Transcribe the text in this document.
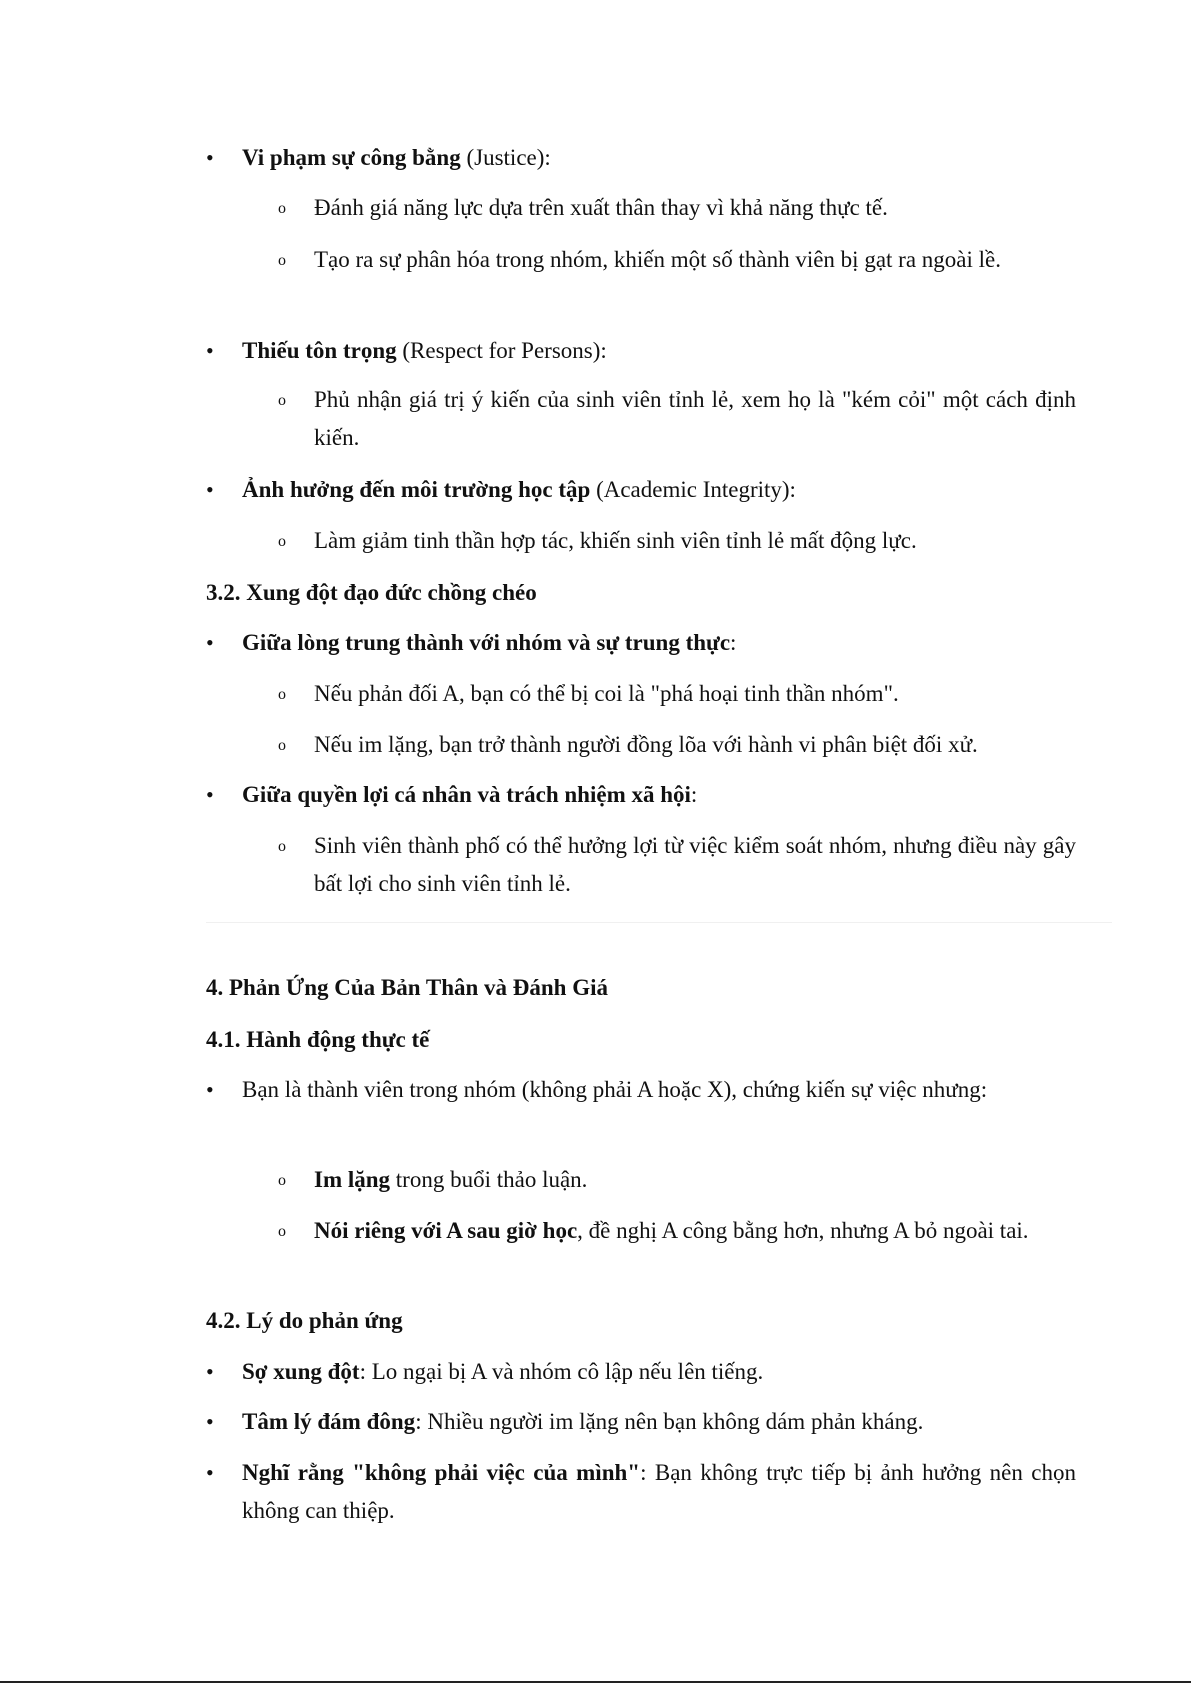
•	Vi phạm sự công bằng (Justice):
o	Đánh giá năng lực dựa trên xuất thân thay vì khả năng thực tế.
o	Tạo ra sự phân hóa trong nhóm, khiến một số thành viên bị gạt ra ngoài lề.
•	Thiếu tôn trọng (Respect for Persons):
o	Phủ nhận giá trị ý kiến của sinh viên tỉnh lẻ, xem họ là "kém cỏi" một cách định kiến.
•	Ảnh hưởng đến môi trường học tập (Academic Integrity):
o	Làm giảm tinh thần hợp tác, khiến sinh viên tỉnh lẻ mất động lực.
3.2. Xung đột đạo đức chồng chéo
•	Giữa lòng trung thành với nhóm và sự trung thực:
o	Nếu phản đối A, bạn có thể bị coi là "phá hoại tinh thần nhóm".
o	Nếu im lặng, bạn trở thành người đồng lõa với hành vi phân biệt đối xử.
•	Giữa quyền lợi cá nhân và trách nhiệm xã hội:
o	Sinh viên thành phố có thể hưởng lợi từ việc kiểm soát nhóm, nhưng điều này gây bất lợi cho sinh viên tỉnh lẻ.
4. Phản Ứng Của Bản Thân và Đánh Giá
4.1. Hành động thực tế
•	Bạn là thành viên trong nhóm (không phải A hoặc X), chứng kiến sự việc nhưng:
o	Im lặng trong buổi thảo luận.
o	Nói riêng với A sau giờ học, đề nghị A công bằng hơn, nhưng A bỏ ngoài tai.
4.2. Lý do phản ứng
•	Sợ xung đột: Lo ngại bị A và nhóm cô lập nếu lên tiếng.
•	Tâm lý đám đông: Nhiều người im lặng nên bạn không dám phản kháng.
•	Nghĩ rằng "không phải việc của mình": Bạn không trực tiếp bị ảnh hưởng nên chọn không can thiệp.
